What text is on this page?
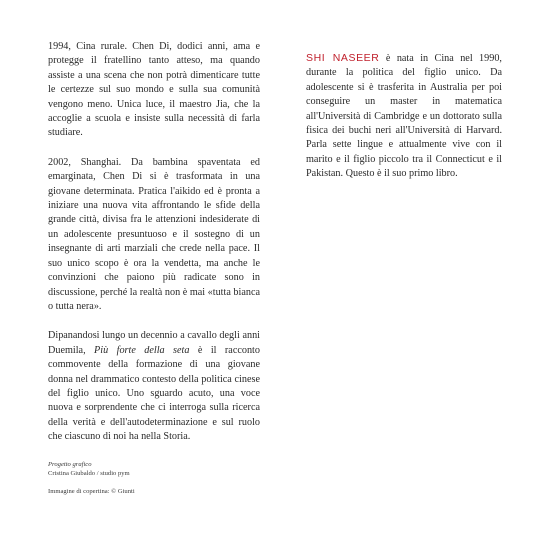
1994, Cina rurale. Chen Di, dodici anni, ama e protegge il fratellino tanto atteso, ma quando assiste a una scena che non potrà dimenticare tutte le certezze sul suo mondo e sulla sua comunità vengono meno. Unica luce, il maestro Jia, che la accoglie a scuola e insiste sulla necessità di farla studiare.

2002, Shanghai. Da bambina spaventata ed emarginata, Chen Di si è trasformata in una giovane determinata. Pratica l'aikido ed è pronta a iniziare una nuova vita affrontando le sfide della grande città, divisa fra le attenzioni indesiderate di un adolescente presuntuoso e il sostegno di un insegnante di arti marziali che crede nella pace. Il suo unico scopo è ora la vendetta, ma anche le convinzioni che paiono più radicate sono in discussione, perché la realtà non è mai «tutta bianca o tutta nera».

Dipanandosi lungo un decennio a cavallo degli anni Duemila, Più forte della seta è il racconto commovente della formazione di una giovane donna nel drammatico contesto della politica cinese del figlio unico. Uno sguardo acuto, una voce nuova e sorprendente che ci interroga sulla ricerca della verità e dell'autodeterminazione e sul ruolo che ciascuno di noi ha nella Storia.

SHI NASEER è nata in Cina nel 1990, durante la politica del figlio unico. Da adolescente si è trasferita in Australia per poi conseguire un master in matematica all'Università di Cambridge e un dottorato sulla fisica dei buchi neri all'Università di Harvard. Parla sette lingue e attualmente vive con il marito e il figlio piccolo tra il Connecticut e il Pakistan. Questo è il suo primo libro.

Progetto grafico
Cristina Giubaldo / studio pym
Immagine di copertina: © Giunti
